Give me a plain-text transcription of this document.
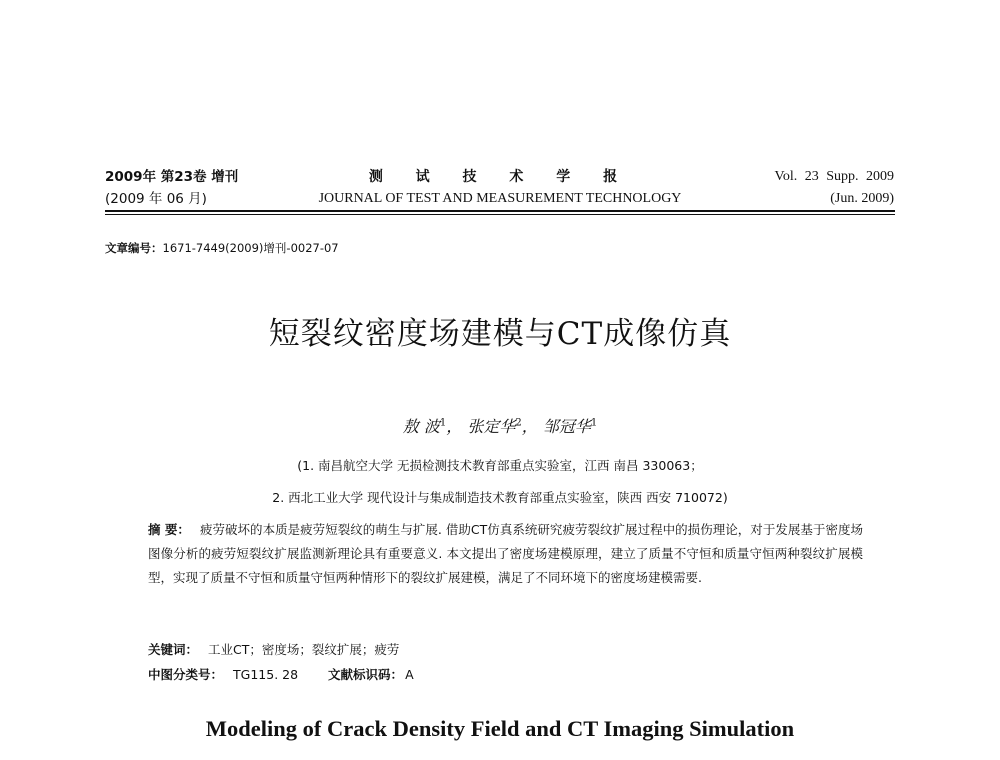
2009年 第23卷 增刊
(2009 年 06 月)
测 试 技 术 学 报
JOURNAL OF TEST AND MEASUREMENT TECHNOLOGY
Vol. 23 Supp. 2009
(Jun. 2009)
文章编号：1671-7449(2009)增刊-0027-07
短裂纹密度场建模与CT成像仿真
敖 波$^1$， 张定华$^2$， 邹冠华$^1$
(1. 南昌航空大学 无损检测技术教育部重点实验室，江西 南昌 330063；
2. 西北工业大学 现代设计与集成制造技术教育部重点实验室，陕西 西安 710072)
摘 要： 疲劳破坏的本质是疲劳短裂纹的萌生与扩展. 借助CT仿真系统研究疲劳裂纹扩展过程中的损伤理论，对于发展基于密度场图像分析的疲劳短裂纹扩展监测新理论具有重要意义. 本文提出了密度场建模原理，建立了质量不守恒和质量守恒两种裂纹扩展模型，实现了质量不守恒和质量守恒两种情形下的裂纹扩展建模，满足了不同环境下的密度场建模需要.
关键词： 工业CT；密度场；裂纹扩展；疲劳
中图分类号： TG115. 28 文献标识码： A
Modeling of Crack Density Field and CT Imaging Simulation
